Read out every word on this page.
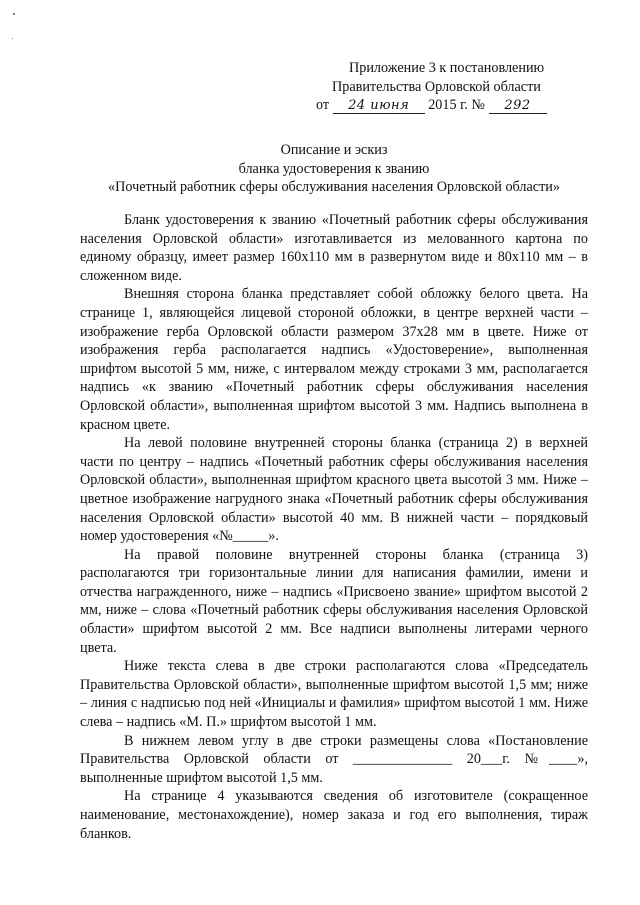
Приложение 3 к постановлению
Правительства Орловской области
от 24 июня 2015 г. № 292
Описание и эскиз
бланка удостоверения к званию
«Почетный работник сферы обслуживания населения Орловской области»

Бланк удостоверения к званию «Почетный работник сферы обслуживания населения Орловской области» изготавливается из мелованного картона по единому образцу, имеет размер 160х110 мм в развернутом виде и 80х110 мм – в сложенном виде.

Внешняя сторона бланка представляет собой обложку белого цвета. На странице 1, являющейся лицевой стороной обложки, в центре верхней части – изображение герба Орловской области размером 37х28 мм в цвете. Ниже от изображения герба располагается надпись «Удостоверение», выполненная шрифтом высотой 5 мм, ниже, с интервалом между строками 3 мм, располагается надпись «к званию «Почетный работник сферы обслуживания населения Орловской области», выполненная шрифтом высотой 3 мм. Надпись выполнена в красном цвете.

На левой половине внутренней стороны бланка (страница 2) в верхней части по центру – надпись «Почетный работник сферы обслуживания населения Орловской области», выполненная шрифтом красного цвета высотой 3 мм. Ниже – цветное изображение нагрудного знака «Почетный работник сферы обслуживания населения Орловской области» высотой 40 мм. В нижней части – порядковый номер удостоверения «№_____».

На правой половине внутренней стороны бланка (страница 3) располагаются три горизонтальные линии для написания фамилии, имени и отчества награжденного, ниже – надпись «Присвоено звание» шрифтом высотой 2 мм, ниже – слова «Почетный работник сферы обслуживания населения Орловской области» шрифтом высотой 2 мм. Все надписи выполнены литерами черного цвета.

Ниже текста слева в две строки располагаются слова «Председатель Правительства Орловской области», выполненные шрифтом высотой 1,5 мм; ниже – линия с надписью под ней «Инициалы и фамилия» шрифтом высотой 1 мм. Ниже слева – надпись «М. П.» шрифтом высотой 1 мм.

В нижнем левом углу в две строки размещены слова «Постановление Правительства Орловской области от ______________ 20___г. №____», выполненные шрифтом высотой 1,5 мм.

На странице 4 указываются сведения об изготовителе (сокращенное наименование, местонахождение), номер заказа и год его выполнения, тираж бланков.
